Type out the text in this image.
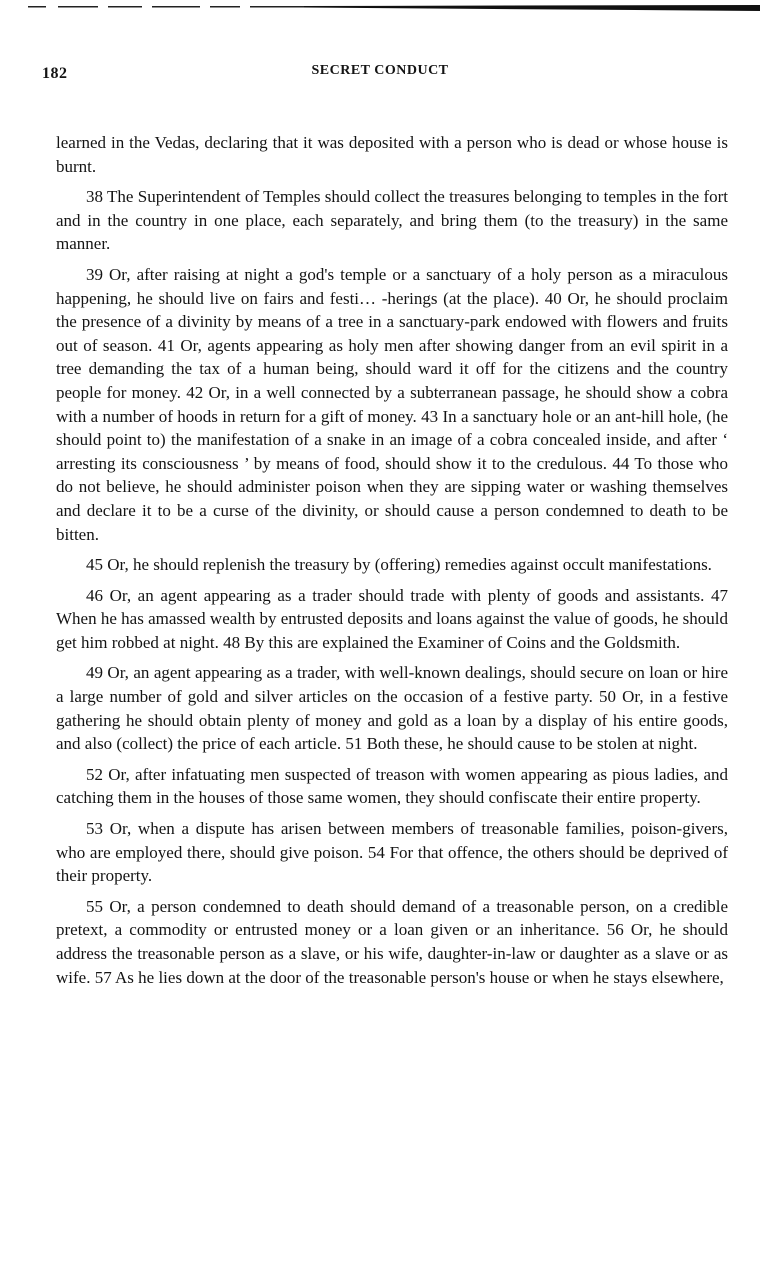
182	SECRET CONDUCT

learned in the Vedas, declaring that it was deposited with a person who is dead or whose house is burnt.

38 The Superintendent of Temples should collect the treasures belonging to temples in the fort and in the country in one place, each separately, and bring them (to the treasury) in the same manner.

39 Or, after raising at night a god's temple or a sanctuary of a holy person as a miraculous happening, he should live on fairs and festi… -herings (at the place). 40 Or, he should proclaim the presence of a divinity by means of a tree in a sanctuary-park endowed with flowers and fruits out of season. 41 Or, agents appearing as holy men after showing danger from an evil spirit in a tree demanding the tax of a human being, should ward it off for the citizens and the country people for money. 42 Or, in a well connected by a subterranean passage, he should show a cobra with a number of hoods in return for a gift of money. 43 In a sanctuary hole or an ant-hill hole, (he should point to) the manifestation of a snake in an image of a cobra concealed inside, and after ‘ arresting its consciousness ’ by means of food, should show it to the credulous. 44 To those who do not believe, he should administer poison when they are sipping water or washing themselves and declare it to be a curse of the divinity, or should cause a person condemned to death to be bitten.

45 Or, he should replenish the treasury by (offering) remedies against occult manifestations.

46 Or, an agent appearing as a trader should trade with plenty of goods and assistants. 47 When he has amassed wealth by entrusted deposits and loans against the value of goods, he should get him robbed at night. 48 By this are explained the Examiner of Coins and the Goldsmith.

49 Or, an agent appearing as a trader, with well-known dealings, should secure on loan or hire a large number of gold and silver articles on the occasion of a festive party. 50 Or, in a festive gathering he should obtain plenty of money and gold as a loan by a display of his entire goods, and also (collect) the price of each article. 51 Both these, he should cause to be stolen at night.

52 Or, after infatuating men suspected of treason with women appearing as pious ladies, and catching them in the houses of those same women, they should confiscate their entire property.

53 Or, when a dispute has arisen between members of treasonable families, poison-givers, who are employed there, should give poison. 54 For that offence, the others should be deprived of their property.

55 Or, a person condemned to death should demand of a treasonable person, on a credible pretext, a commodity or entrusted money or a loan given or an inheritance. 56 Or, he should address the treasonable person as a slave, or his wife, daughter-in-law or daughter as a slave or as wife. 57 As he lies down at the door of the treasonable person's house or when he stays elsewhere,
